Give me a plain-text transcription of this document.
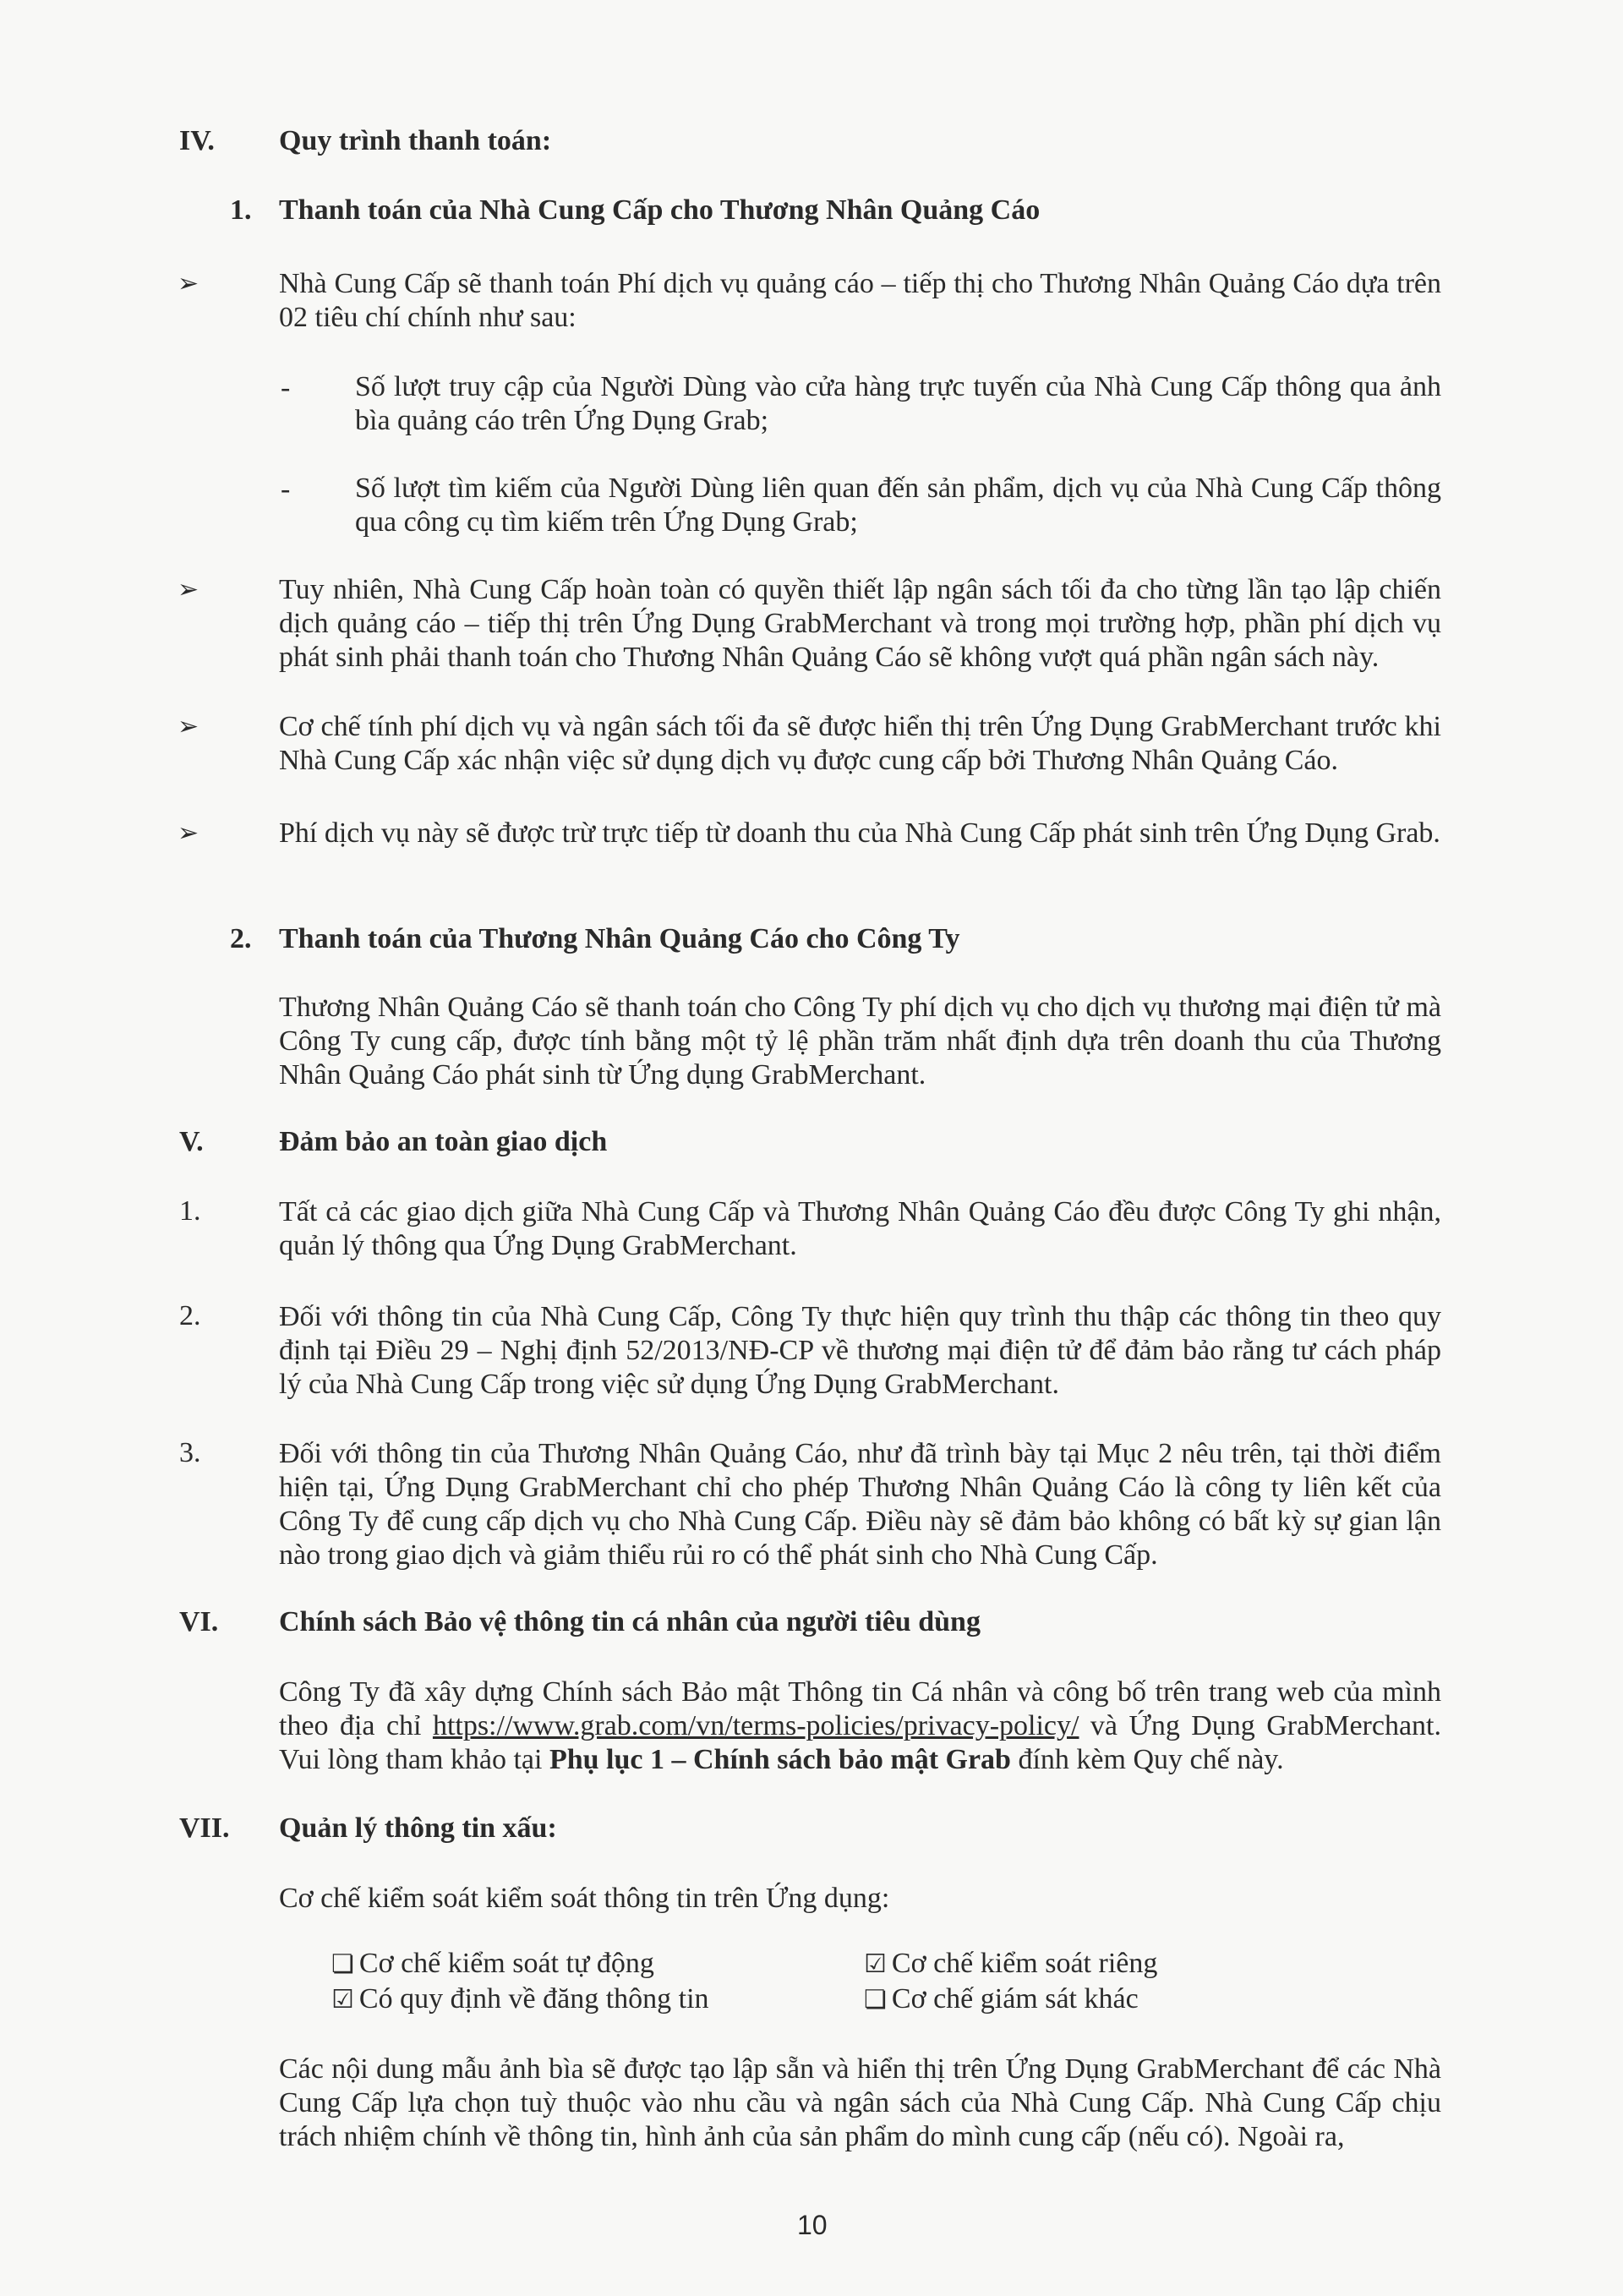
IV. Quy trình thanh toán:
1. Thanh toán của Nhà Cung Cấp cho Thương Nhân Quảng Cáo
➢	Nhà Cung Cấp sẽ thanh toán Phí dịch vụ quảng cáo – tiếp thị cho Thương Nhân Quảng Cáo dựa trên 02 tiêu chí chính như sau:
- Số lượt truy cập của Người Dùng vào cửa hàng trực tuyến của Nhà Cung Cấp thông qua ảnh bìa quảng cáo trên Ứng Dụng Grab;
- Số lượt tìm kiếm của Người Dùng liên quan đến sản phẩm, dịch vụ của Nhà Cung Cấp thông qua công cụ tìm kiếm trên Ứng Dụng Grab;
➢	Tuy nhiên, Nhà Cung Cấp hoàn toàn có quyền thiết lập ngân sách tối đa cho từng lần tạo lập chiến dịch quảng cáo – tiếp thị trên Ứng Dụng GrabMerchant và trong mọi trường hợp, phần phí dịch vụ phát sinh phải thanh toán cho Thương Nhân Quảng Cáo sẽ không vượt quá phần ngân sách này.
➢	Cơ chế tính phí dịch vụ và ngân sách tối đa sẽ được hiển thị trên Ứng Dụng GrabMerchant trước khi Nhà Cung Cấp xác nhận việc sử dụng dịch vụ được cung cấp bởi Thương Nhân Quảng Cáo.
➢	Phí dịch vụ này sẽ được trừ trực tiếp từ doanh thu của Nhà Cung Cấp phát sinh trên Ứng Dụng Grab.
2. Thanh toán của Thương Nhân Quảng Cáo cho Công Ty
Thương Nhân Quảng Cáo sẽ thanh toán cho Công Ty phí dịch vụ cho dịch vụ thương mại điện tử mà Công Ty cung cấp, được tính bằng một tỷ lệ phần trăm nhất định dựa trên doanh thu của Thương Nhân Quảng Cáo phát sinh từ Ứng dụng GrabMerchant.
V.	Đảm bảo an toàn giao dịch
1.	Tất cả các giao dịch giữa Nhà Cung Cấp và Thương Nhân Quảng Cáo đều được Công Ty ghi nhận, quản lý thông qua Ứng Dụng GrabMerchant.
2.	Đối với thông tin của Nhà Cung Cấp, Công Ty thực hiện quy trình thu thập các thông tin theo quy định tại Điều 29 – Nghị định 52/2013/NĐ-CP về thương mại điện tử để đảm bảo rằng tư cách pháp lý của Nhà Cung Cấp trong việc sử dụng Ứng Dụng GrabMerchant.
3.	Đối với thông tin của Thương Nhân Quảng Cáo, như đã trình bày tại Mục 2 nêu trên, tại thời điểm hiện tại, Ứng Dụng GrabMerchant chỉ cho phép Thương Nhân Quảng Cáo là công ty liên kết của Công Ty để cung cấp dịch vụ cho Nhà Cung Cấp. Điều này sẽ đảm bảo không có bất kỳ sự gian lận nào trong giao dịch và giảm thiểu rủi ro có thể phát sinh cho Nhà Cung Cấp.
VI. Chính sách Bảo vệ thông tin cá nhân của người tiêu dùng
Công Ty đã xây dựng Chính sách Bảo mật Thông tin Cá nhân và công bố trên trang web của mình theo địa chỉ https://www.grab.com/vn/terms-policies/privacy-policy/ và Ứng Dụng GrabMerchant. Vui lòng tham khảo tại Phụ lục 1 – Chính sách bảo mật Grab đính kèm Quy chế này.
VII. Quản lý thông tin xấu:
Cơ chế kiểm soát kiểm soát thông tin trên Ứng dụng:
❏ Cơ chế kiểm soát tự động	☑ Cơ chế kiểm soát riêng
☑ Có quy định về đăng thông tin	❏ Cơ chế giám sát khác
Các nội dung mẫu ảnh bìa sẽ được tạo lập sẵn và hiển thị trên Ứng Dụng GrabMerchant để các Nhà Cung Cấp lựa chọn tuỳ thuộc vào nhu cầu và ngân sách của Nhà Cung Cấp. Nhà Cung Cấp chịu trách nhiệm chính về thông tin, hình ảnh của sản phẩm do mình cung cấp (nếu có). Ngoài ra,
10
